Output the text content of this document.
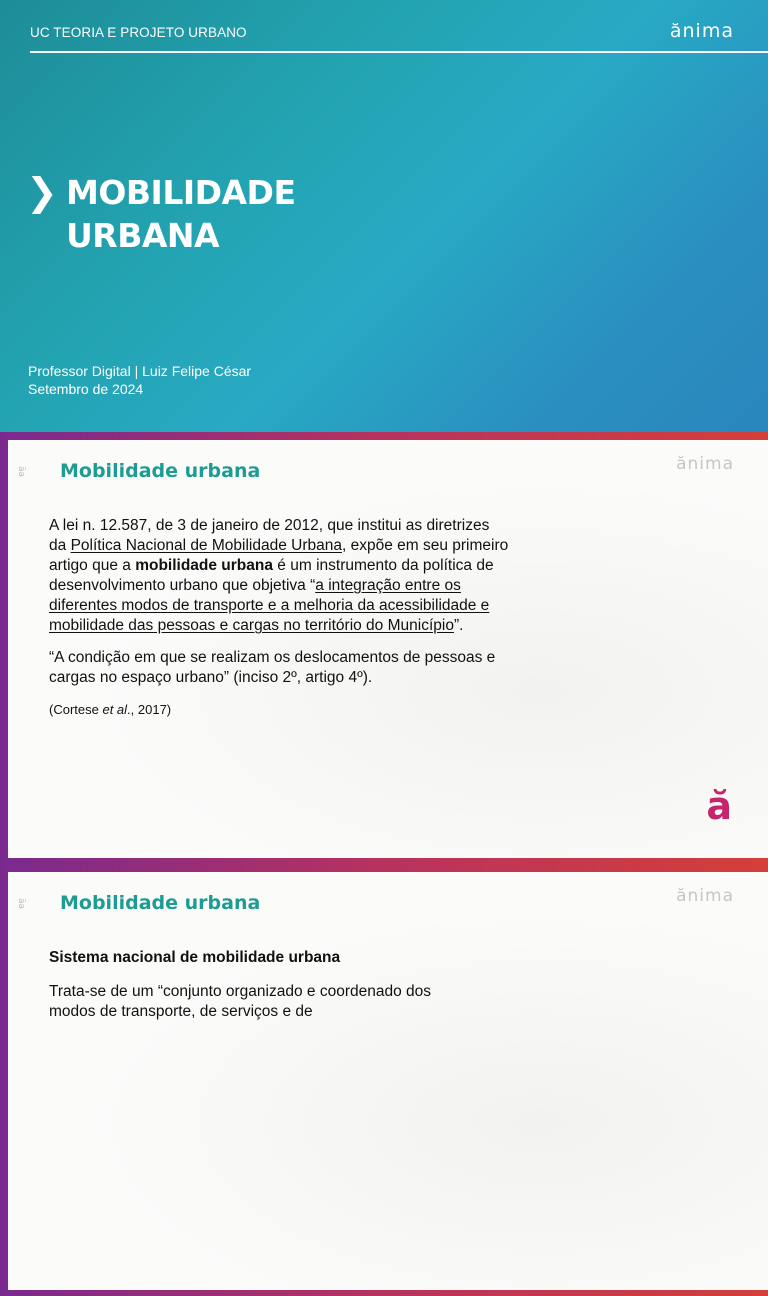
UC TEORIA E PROJETO URBANO	ănima
❯ MOBILIDADE
URBANA
Professor Digital | Luiz Felipe César
Setembro de 2024
ăa Mobilidade urbana	ănima

A lei n. 12.587, de 3 de janeiro de 2012, que institui as diretrizes da Política Nacional de Mobilidade Urbana, expõe em seu primeiro artigo que a mobilidade urbana é um instrumento da política de desenvolvimento urbano que objetiva “a integração entre os diferentes modos de transporte e a melhoria da acessibilidade e mobilidade das pessoas e cargas no território do Município”.

“A condição em que se realizam os deslocamentos de pessoas e cargas no espaço urbano” (inciso 2º, artigo 4º).

(Cortese et al., 2017)

ă
ăa Mobilidade urbana	ănima
Sistema nacional de mobilidade urbana

Trata-se de um “conjunto organizado e coordenado dos modos de transporte, de serviços e de
